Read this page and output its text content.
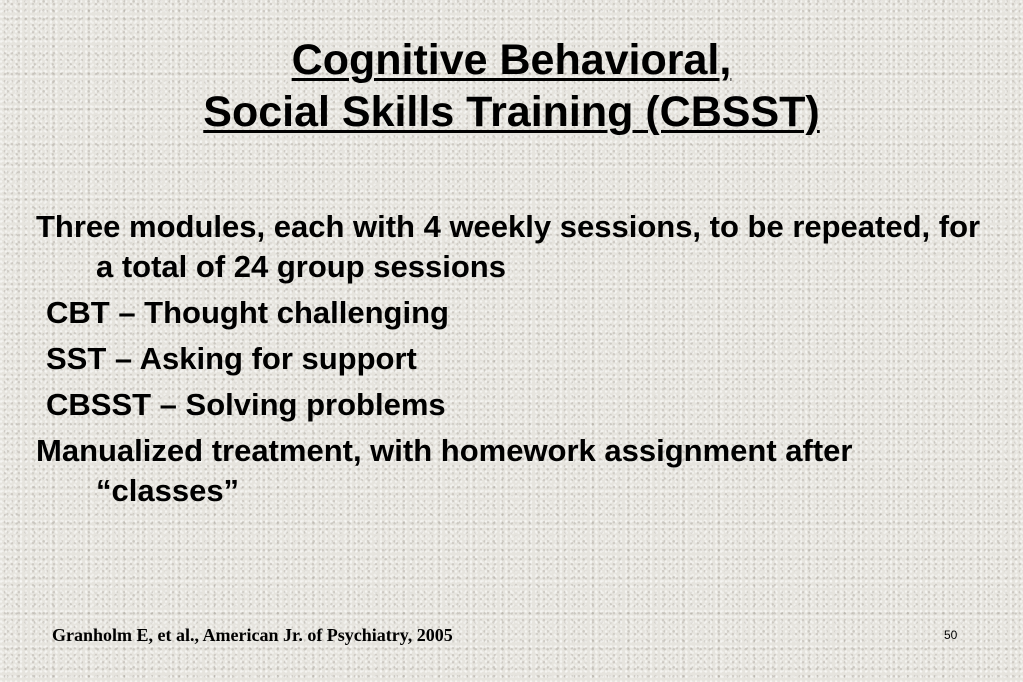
Cognitive Behavioral,
Social Skills Training (CBSST)
Three modules, each with 4 weekly sessions, to be repeated, for a total of 24 group sessions
CBT – Thought challenging
SST – Asking for support
CBSST – Solving problems
Manualized treatment, with homework assignment after “classes”
Granholm E, et al., American Jr. of Psychiatry, 2005	50
